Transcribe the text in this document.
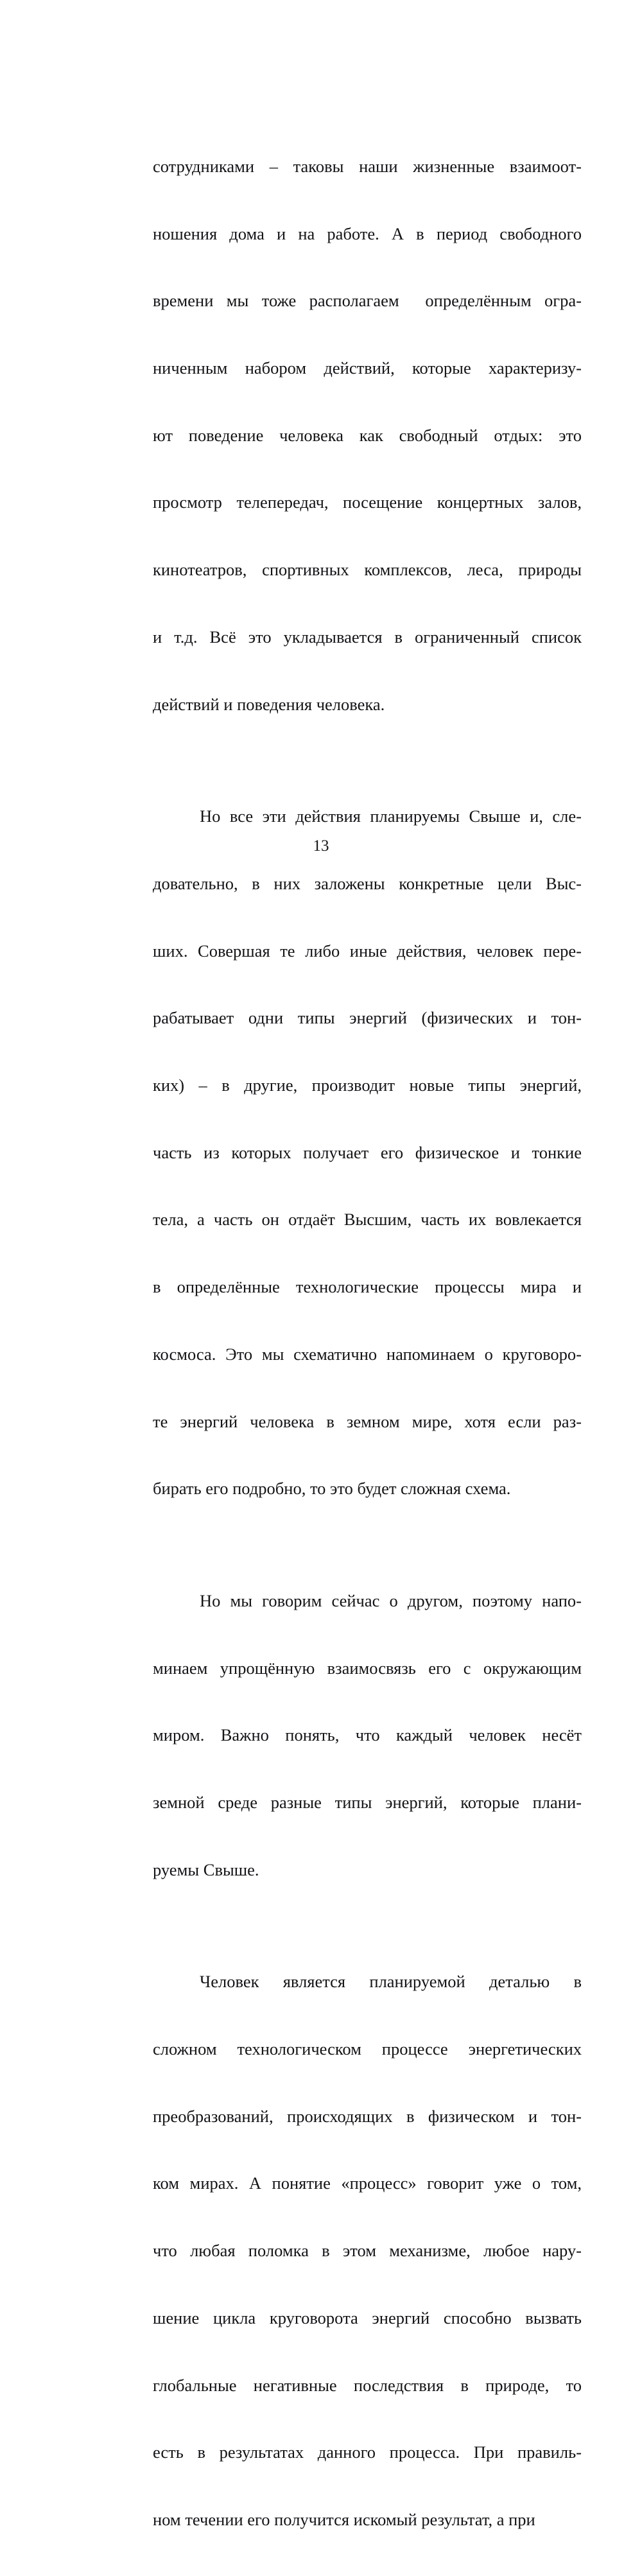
сотрудниками – таковы наши жизненные взаимоот-

ношения дома и на работе. А в период свободного

времени мы тоже располагаем  определённым огра-

ниченным набором действий, которые характеризу-

ют поведение человека как свободный отдых: это

просмотр телепередач, посещение концертных залов,

кинотеатров, спортивных комплексов, леса, природы

и т.д. Всё это укладывается в ограниченный список

действий и поведения человека.

Но все эти действия планируемы Свыше и, сле-

довательно, в них заложены конкретные цели Выс-

ших. Совершая те либо иные действия, человек пере-

рабатывает одни типы энергий (физических и тон-

ких) – в другие, производит новые типы энергий,

часть из которых получает его физическое и тонкие

тела, а часть он отдаёт Высшим, часть их вовлекается

в определённые технологические процессы мира и

космоса. Это мы схематично напоминаем о круговоро-

те энергий человека в земном мире, хотя если раз-

бирать его подробно, то это будет сложная схема.

Но мы говорим сейчас о другом, поэтому напо-

минаем упрощённую взаимосвязь его с окружающим

миром. Важно понять, что каждый человек несёт

земной среде разные типы энергий, которые плани-

руемы Свыше.

Человек является планируемой деталью в

сложном технологическом процессе энергетических

преобразований, происходящих в физическом и тон-

ком мирах. А понятие «процесс» говорит уже о том,

что любая поломка в этом механизме, любое нару-

шение цикла круговорота энергий способно вызвать

глобальные негативные последствия в природе, то

есть в результатах данного процесса. При правиль-

ном течении его получится искомый результат, а при

13
